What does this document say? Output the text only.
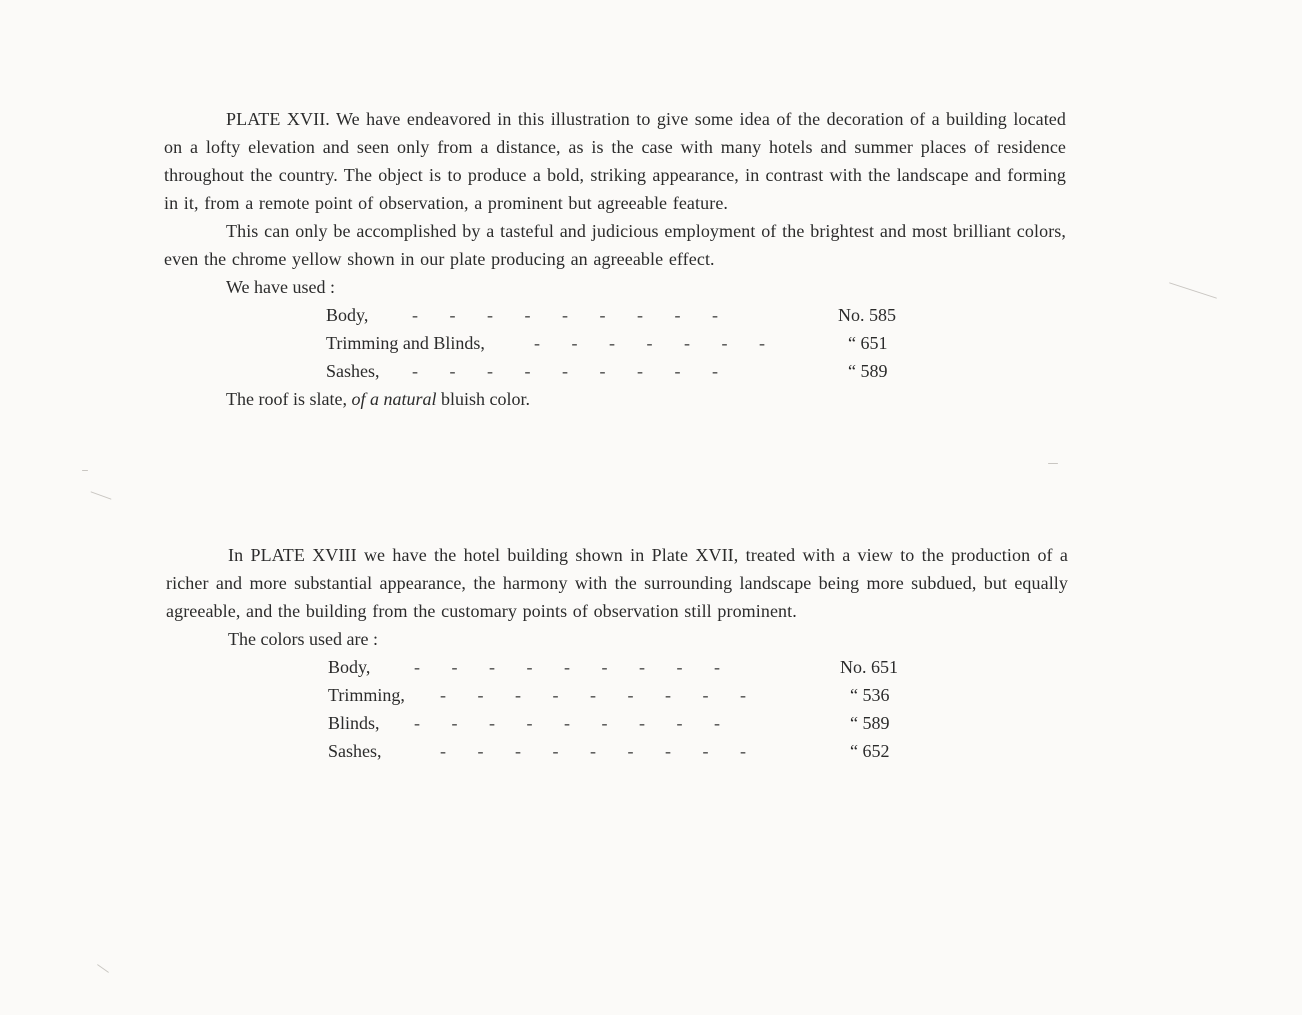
PLATE XVII. We have endeavored in this illustration to give some idea of the decoration of a building located on a lofty elevation and seen only from a distance, as is the case with many hotels and summer places of residence throughout the country. The object is to produce a bold, striking appearance, in contrast with the landscape and forming in it, from a remote point of observation, a prominent but agreeable feature.

This can only be accomplished by a tasteful and judicious employment of the brightest and most brilliant colors, even the chrome yellow shown in our plate producing an agreeable effect.

We have used :

Body, -       -       -       -       -       -       -       -       -	No. 585
Trimming and Blinds,	-       -       -       -       -       -       -	“ 651
Sashes, -       -       -       -       -       -       -       -       -	“ 589

The roof is slate, of a natural bluish color.

In PLATE XVIII we have the hotel building shown in Plate XVII, treated with a view to the production of a richer and more substantial appearance, the harmony with the surrounding landscape being more subdued, but equally agreeable, and the building from the customary points of observation still prominent.

The colors used are :

Body, -       -       -       -       -       -       -       -       -	No. 651
Trimming, -       -       -       -       -       -       -       -       -	“ 536
Blinds, -       -       -       -       -       -       -       -       -	“ 589
Sashes,	-       -       -       -       -       -       -       -       -	“ 652
